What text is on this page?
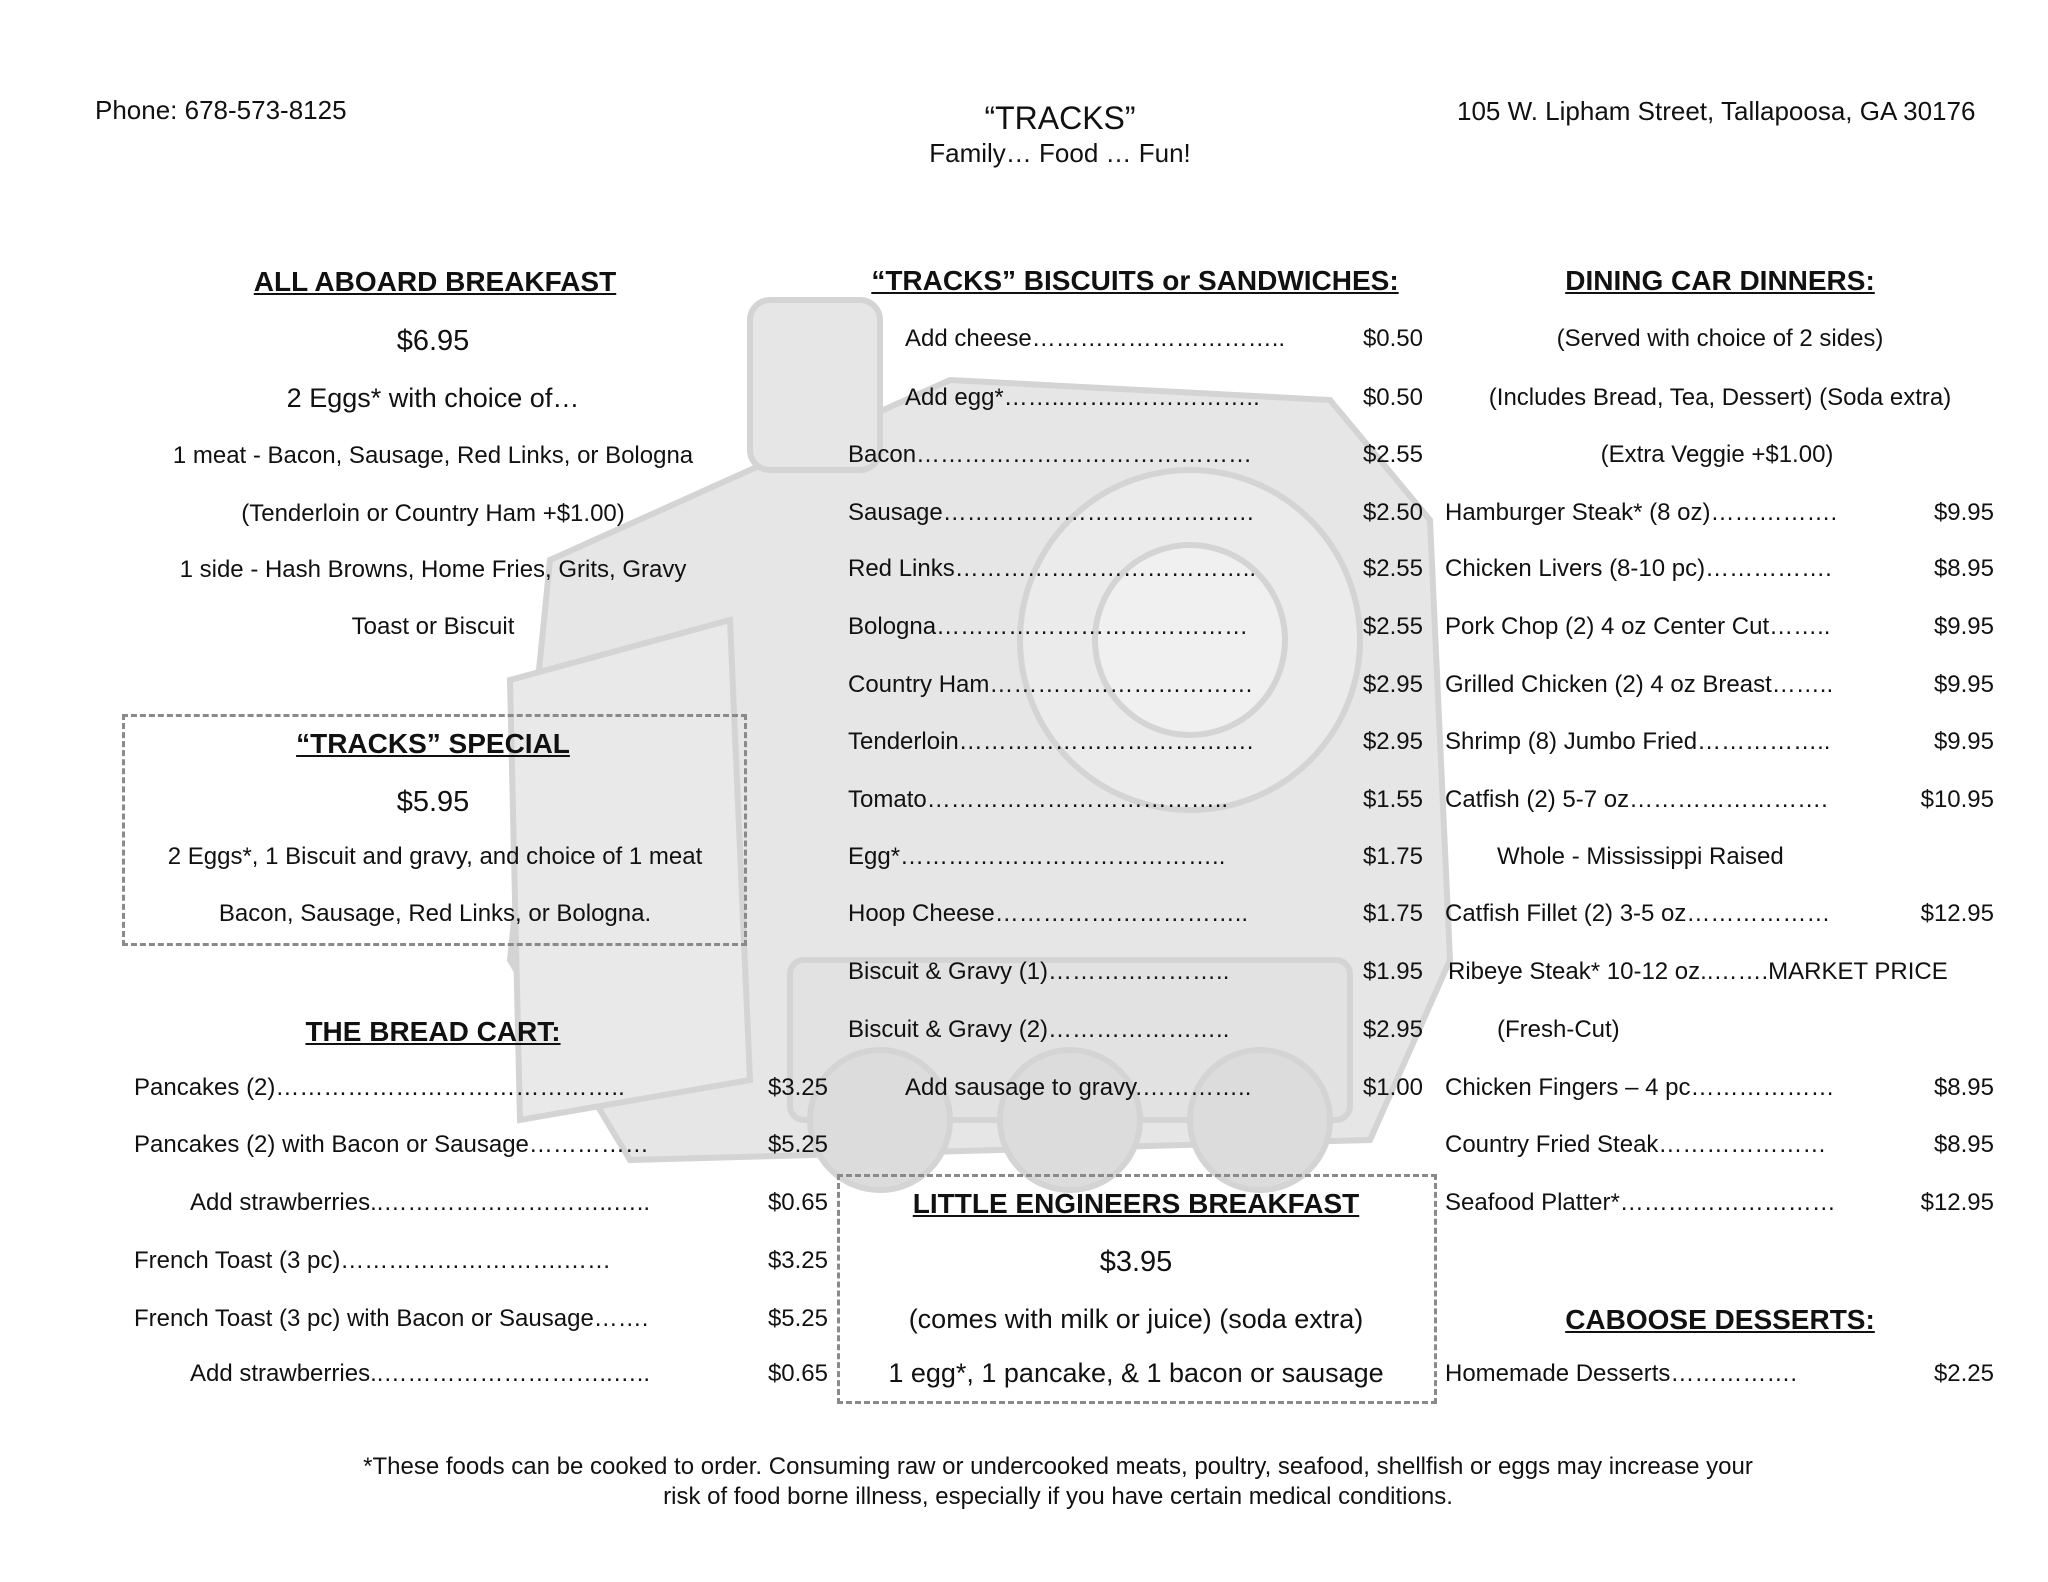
Phone: 678-573-8125	“TRACKS”
Family… Food … Fun!
105 W. Lipham Street, Tallapoosa, GA 30176
ALL ABOARD BREAKFAST
$6.95
2 Eggs* with choice of…
1 meat - Bacon, Sausage, Red Links, or Bologna
(Tenderloin or Country Ham +$1.00)
1 side - Hash Browns, Home Fries, Grits, Gravy
Toast or Biscuit
“TRACKS” SPECIAL
$5.95
2 Eggs*, 1 Biscuit and gravy, and choice of 1 meat
Bacon, Sausage, Red Links, or Bologna.
THE BREAD CART:
Pancakes (2)……………………………………..	$3.25
Pancakes (2) with Bacon or Sausage……………	$5.25
Add strawberries..………………………..…..	$0.65
French Toast (3 pc)……………………….……	$3.25
French Toast (3 pc) with Bacon or Sausage…….	$5.25
Add strawberries..………………………..…..	$0.65
“TRACKS” BISCUITS or SANDWICHES:
Add cheese…………………………..	$0.50
Add egg*……..……..……………..	$0.50
Bacon……………………………………	$2.55
Sausage…………………………………	$2.50
Red Links………………………………..	$2.55
Bologna…………………………………	$2.55
Country Ham……………………………	$2.95
Tenderloin……………………………….	$2.95
Tomato………………………………..	$1.55
Egg*…………………………………..	$1.75
Hoop Cheese…………………………..	$1.75
Biscuit & Gravy (1)…………………..	$1.95
Biscuit & Gravy (2)…………………..	$2.95
Add sausage to gravy.…………..	$1.00
LITTLE ENGINEERS BREAKFAST
$3.95
(comes with milk or juice) (soda extra)
1 egg*, 1 pancake, & 1 bacon or sausage
DINING CAR DINNERS:
(Served with choice of 2 sides)
(Includes Bread, Tea, Dessert) (Soda extra)
(Extra Veggie +$1.00)
Hamburger Steak* (8 oz)…………….	$9.95
Chicken Livers (8-10 pc)…………….	$8.95
Pork Chop (2) 4 oz Center Cut……..	$9.95
Grilled Chicken (2) 4 oz Breast……..	$9.95
Shrimp (8) Jumbo Fried……………..	$9.95
Catfish (2) 5-7 oz…………………….	$10.95
Whole - Mississippi Raised
Catfish Fillet (2) 3-5 oz………………	$12.95
Ribeye Steak* 10-12 oz..…….MARKET PRICE
(Fresh-Cut)
Chicken Fingers – 4 pc………………	$8.95
Country Fried Steak…………………	$8.95
Seafood Platter*………………………	$12.95
CABOOSE DESSERTS:
Homemade Desserts…………….	$2.25
*These foods can be cooked to order. Consuming raw or undercooked meats, poultry, seafood, shellfish or eggs may increase your
risk of food borne illness, especially if you have certain medical conditions.
